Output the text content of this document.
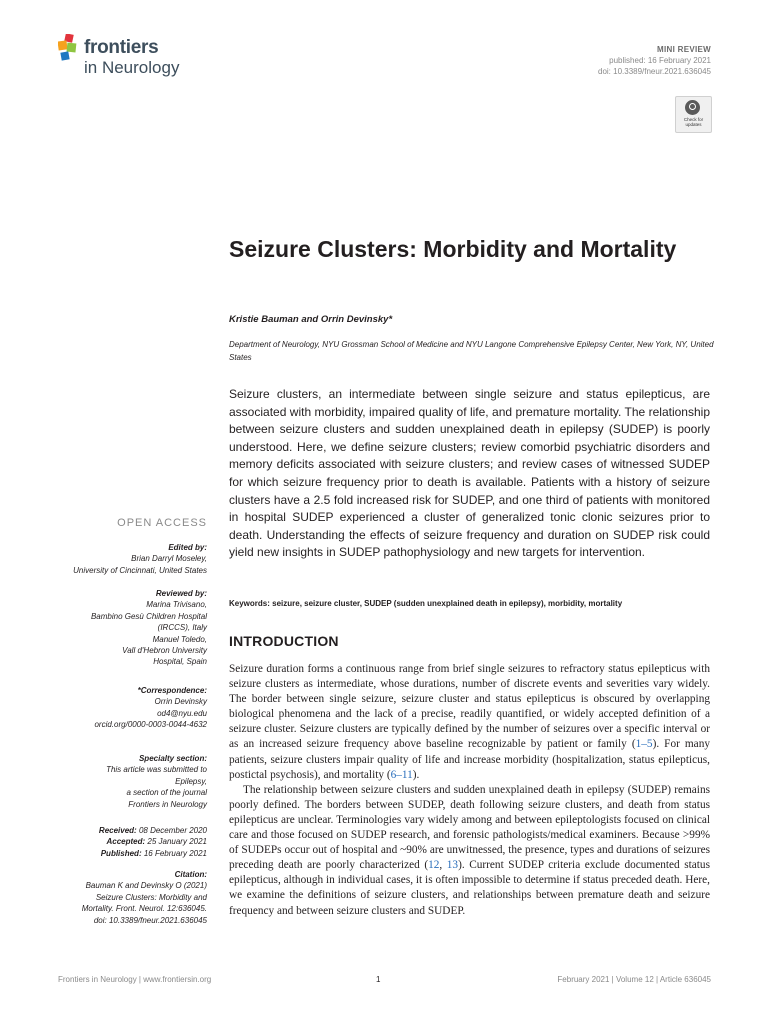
frontiers
in Neurology
MINI REVIEW
published: 16 February 2021
doi: 10.3389/fneur.2021.636045
Check for updates
Seizure Clusters: Morbidity and Mortality
Kristie Bauman and Orrin Devinsky*
Department of Neurology, NYU Grossman School of Medicine and NYU Langone Comprehensive Epilepsy Center, New York, NY, United States
Seizure clusters, an intermediate between single seizure and status epilepticus, are associated with morbidity, impaired quality of life, and premature mortality. The relationship between seizure clusters and sudden unexplained death in epilepsy (SUDEP) is poorly understood. Here, we define seizure clusters; review comorbid psychiatric disorders and memory deficits associated with seizure clusters; and review cases of witnessed SUDEP for which seizure frequency prior to death is available. Patients with a history of seizure clusters have a 2.5 fold increased risk for SUDEP, and one third of patients with monitored in hospital SUDEP experienced a cluster of generalized tonic clonic seizures prior to death. Understanding the effects of seizure frequency and duration on SUDEP risk could yield new insights in SUDEP pathophysiology and new targets for intervention.
Keywords: seizure, seizure cluster, SUDEP (sudden unexplained death in epilepsy), morbidity, mortality
INTRODUCTION

Seizure duration forms a continuous range from brief single seizures to refractory status epilepticus with seizure clusters as intermediate, whose durations, number of discrete events and severities vary widely. The border between single seizure, seizure cluster and status epilepticus is obscured by overlapping biological phenomena and the lack of a precise, readily quantified, or widely accepted definition of a seizure cluster. Seizure clusters are typically defined by the number of seizures over a specific interval or as an increased seizure frequency above baseline recognizable by patient or family (1–5). For many patients, seizure clusters impair quality of life and increase morbidity (hospitalization, status epilepticus, postictal psychosis), and mortality (6–11).

The relationship between seizure clusters and sudden unexplained death in epilepsy (SUDEP) remains poorly defined. The borders between SUDEP, death following seizure clusters, and death from status epilepticus are unclear. Terminologies vary widely among and between epileptologists focused on clinical care and those focused on SUDEP research, and forensic pathologists/medical examiners. Because >99% of SUDEPs occur out of hospital and ~90% are unwitnessed, the presence, types and durations of seizures preceding death are poorly characterized (12, 13). Current SUDEP criteria exclude documented status epilepticus, although in individual cases, it is often impossible to determine if status preceded death. Here, we examine the definitions of seizure clusters, and relationships between premature death and seizure frequency and between seizure clusters and SUDEP.

OPEN ACCESS
Edited by:
Brian Darryl Moseley,
University of Cincinnati, United States
Reviewed by:
Marina Trivisano,
Bambino Gesù Children Hospital
(IRCCS), Italy
Manuel Toledo,
Vall d'Hebron University
Hospital, Spain
*Correspondence:
Orrin Devinsky
od4@nyu.edu
orcid.org/0000-0003-0044-4632
Specialty section:
This article was submitted to
Epilepsy,
a section of the journal
Frontiers in Neurology
Received: 08 December 2020
Accepted: 25 January 2021
Published: 16 February 2021
Citation:
Bauman K and Devinsky O (2021)
Seizure Clusters: Morbidity and
Mortality. Front. Neurol. 12:636045.
doi: 10.3389/fneur.2021.636045
Frontiers in Neurology | www.frontiersin.org	1	February 2021 | Volume 12 | Article 636045
